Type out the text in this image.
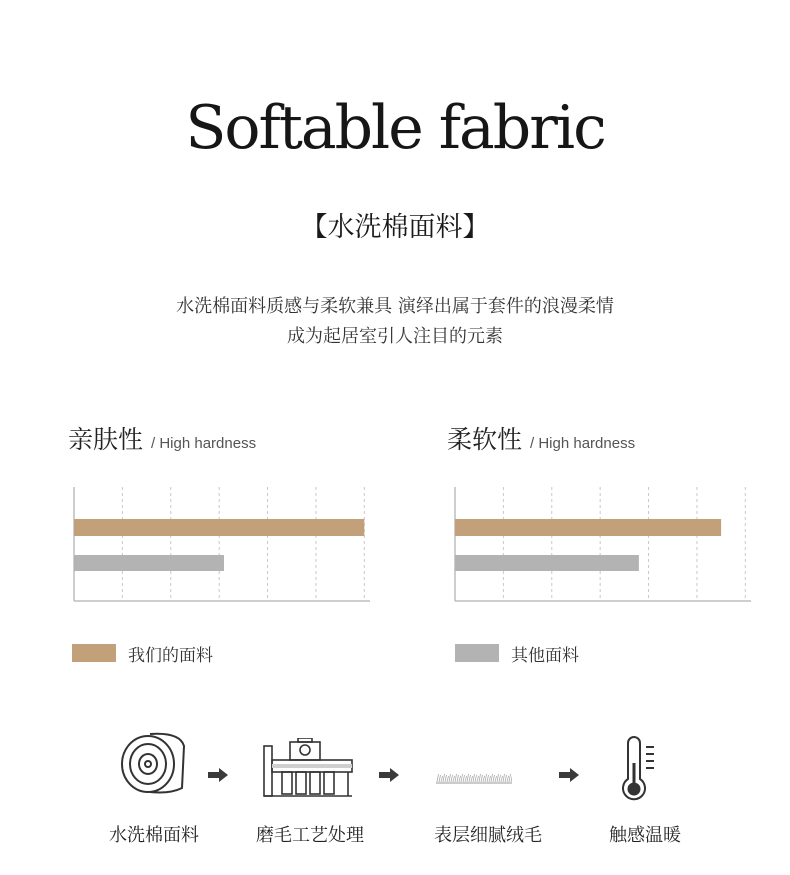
Softable fabric
【水洗棉面料】
水洗棉面料质感与柔软兼具 演绎出属于套件的浪漫柔情
成为起居室引人注目的元素
亲肤性 / High hardness	柔软性 / High hardness
我们的面料	其他面料
水洗棉面料	磨毛工艺处理	表层细腻绒毛	触感温暖
